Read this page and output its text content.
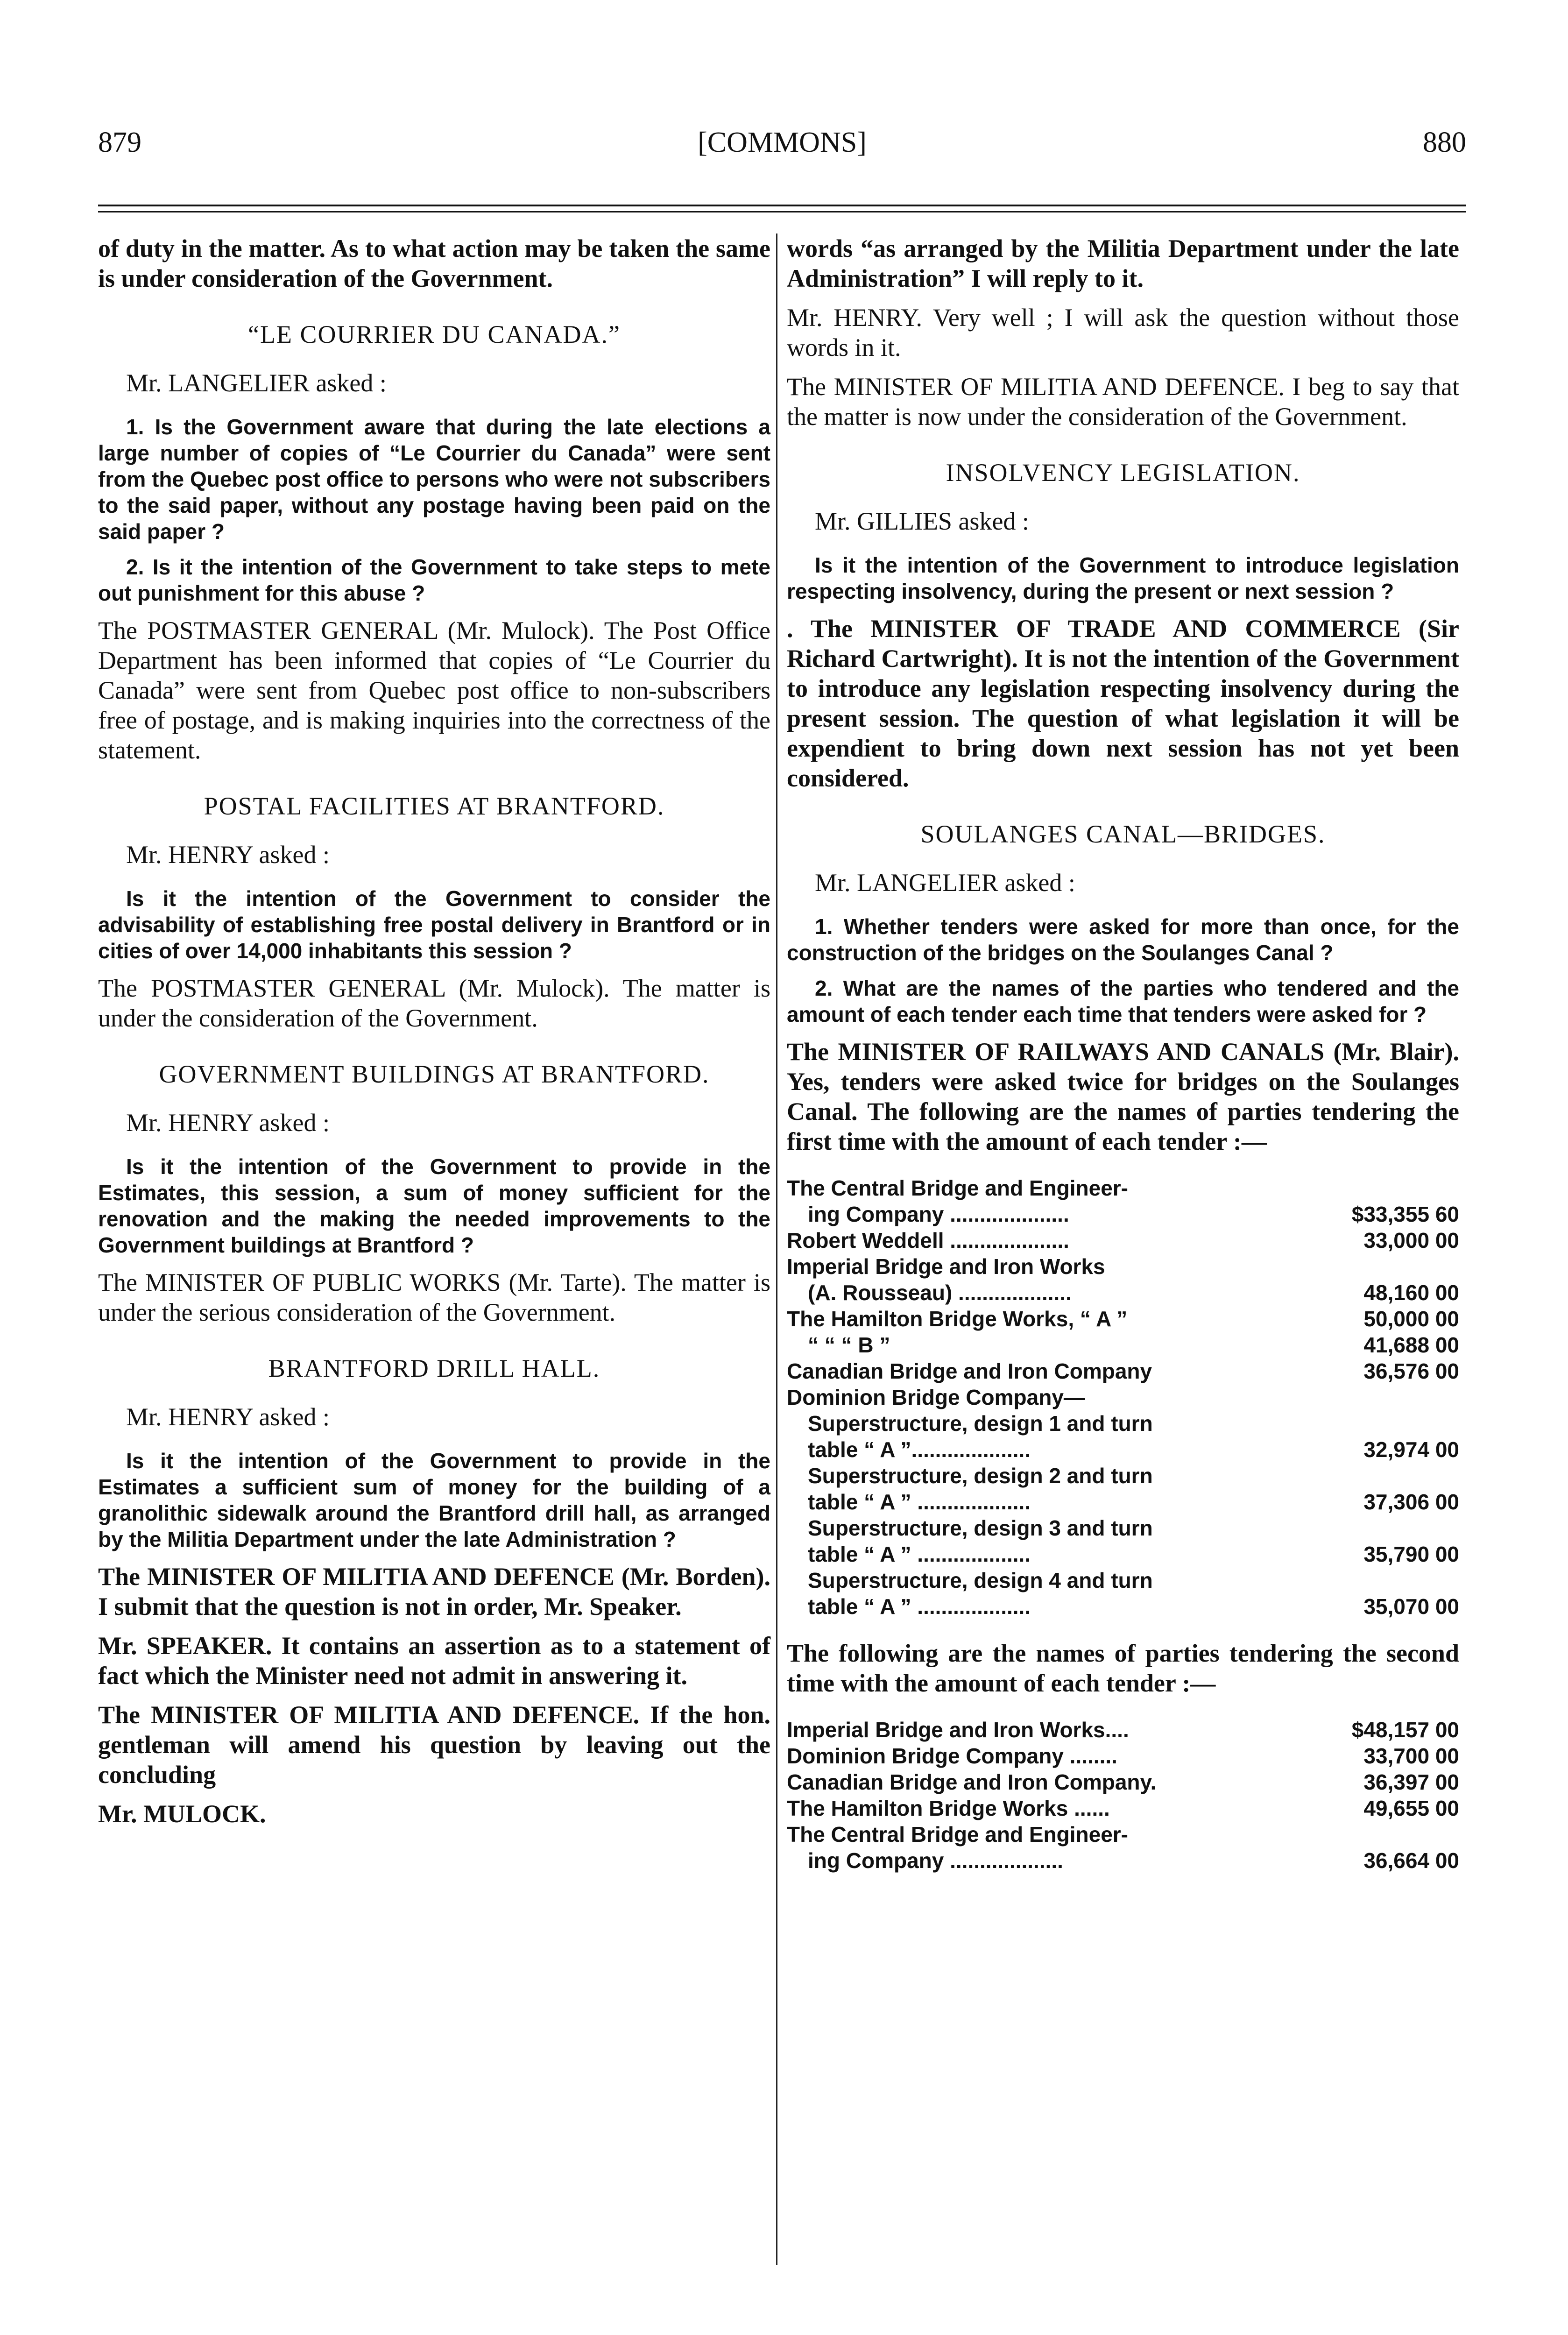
879	[COMMONS]	880
of duty in the matter. As to what action may be taken the same is under consideration of the Government.
“LE COURRIER DU CANADA.”
Mr. LANGELIER asked :
1. Is the Government aware that during the late elections a large number of copies of “Le Courrier du Canada” were sent from the Quebec post office to persons who were not subscribers to the said paper, without any postage having been paid on the said paper ?
2. Is it the intention of the Government to take steps to mete out punishment for this abuse ?
The POSTMASTER GENERAL (Mr. Mulock). The Post Office Department has been informed that copies of “Le Courrier du Canada” were sent from Quebec post office to non-subscribers free of postage, and is making inquiries into the correctness of the statement.
POSTAL FACILITIES AT BRANTFORD.
Mr. HENRY asked :
Is it the intention of the Government to consider the advisability of establishing free postal delivery in Brantford or in cities of over 14,000 inhabitants this session ?
The POSTMASTER GENERAL (Mr. Mulock). The matter is under the consideration of the Government.
GOVERNMENT BUILDINGS AT BRANTFORD.
Mr. HENRY asked :
Is it the intention of the Government to provide in the Estimates, this session, a sum of money sufficient for the renovation and the making the needed improvements to the Government buildings at Brantford ?
The MINISTER OF PUBLIC WORKS (Mr. Tarte). The matter is under the serious consideration of the Government.
BRANTFORD DRILL HALL.
Mr. HENRY asked :
Is it the intention of the Government to provide in the Estimates a sufficient sum of money for the building of a granolithic sidewalk around the Brantford drill hall, as arranged by the Militia Department under the late Administration ?
The MINISTER OF MILITIA AND DEFENCE (Mr. Borden). I submit that the question is not in order, Mr. Speaker.
Mr. SPEAKER. It contains an assertion as to a statement of fact which the Minister need not admit in answering it.
The MINISTER OF MILITIA AND DEFENCE. If the hon. gentleman will amend his question by leaving out the concluding
Mr. MULOCK.
words “as arranged by the Militia Department under the late Administration” I will reply to it.
Mr. HENRY. Very well ; I will ask the question without those words in it.
The MINISTER OF MILITIA AND DEFENCE. I beg to say that the matter is now under the consideration of the Government.
INSOLVENCY LEGISLATION.
Mr. GILLIES asked :
Is it the intention of the Government to introduce legislation respecting insolvency, during the present or next session ?
. The MINISTER OF TRADE AND COMMERCE (Sir Richard Cartwright). It is not the intention of the Government to introduce any legislation respecting insolvency during the present session. The question of what legislation it will be expendient to bring down next session has not yet been considered.
SOULANGES CANAL—BRIDGES.
Mr. LANGELIER asked :
1. Whether tenders were asked for more than once, for the construction of the bridges on the Soulanges Canal ?
2. What are the names of the parties who tendered and the amount of each tender each time that tenders were asked for ?
The MINISTER OF RAILWAYS AND CANALS (Mr. Blair). Yes, tenders were asked twice for bridges on the Soulanges Canal. The following are the names of parties tendering the first time with the amount of each tender :—
The Central Bridge and Engineer-
ing Company ....................	$33,355 60
Robert Weddell ....................	33,000 00
Imperial Bridge and Iron Works
(A. Rousseau) ...................	48,160 00
The Hamilton Bridge Works, “ A ”	50,000 00
“ “ “ B ”	41,688 00
Canadian Bridge and Iron Company	36,576 00
Dominion Bridge Company—
Superstructure, design 1 and turn
table “ A ”....................	32,974 00
Superstructure, design 2 and turn
table “ A ” ...................	37,306 00
Superstructure, design 3 and turn
table “ A ” ...................	35,790 00
Superstructure, design 4 and turn
table “ A ” ...................	35,070 00
The following are the names of parties tendering the second time with the amount of each tender :—
Imperial Bridge and Iron Works....	$48,157 00
Dominion Bridge Company ........	33,700 00
Canadian Bridge and Iron Company.	36,397 00
The Hamilton Bridge Works ......	49,655 00
The Central Bridge and Engineer-
ing Company ...................	36,664 00
